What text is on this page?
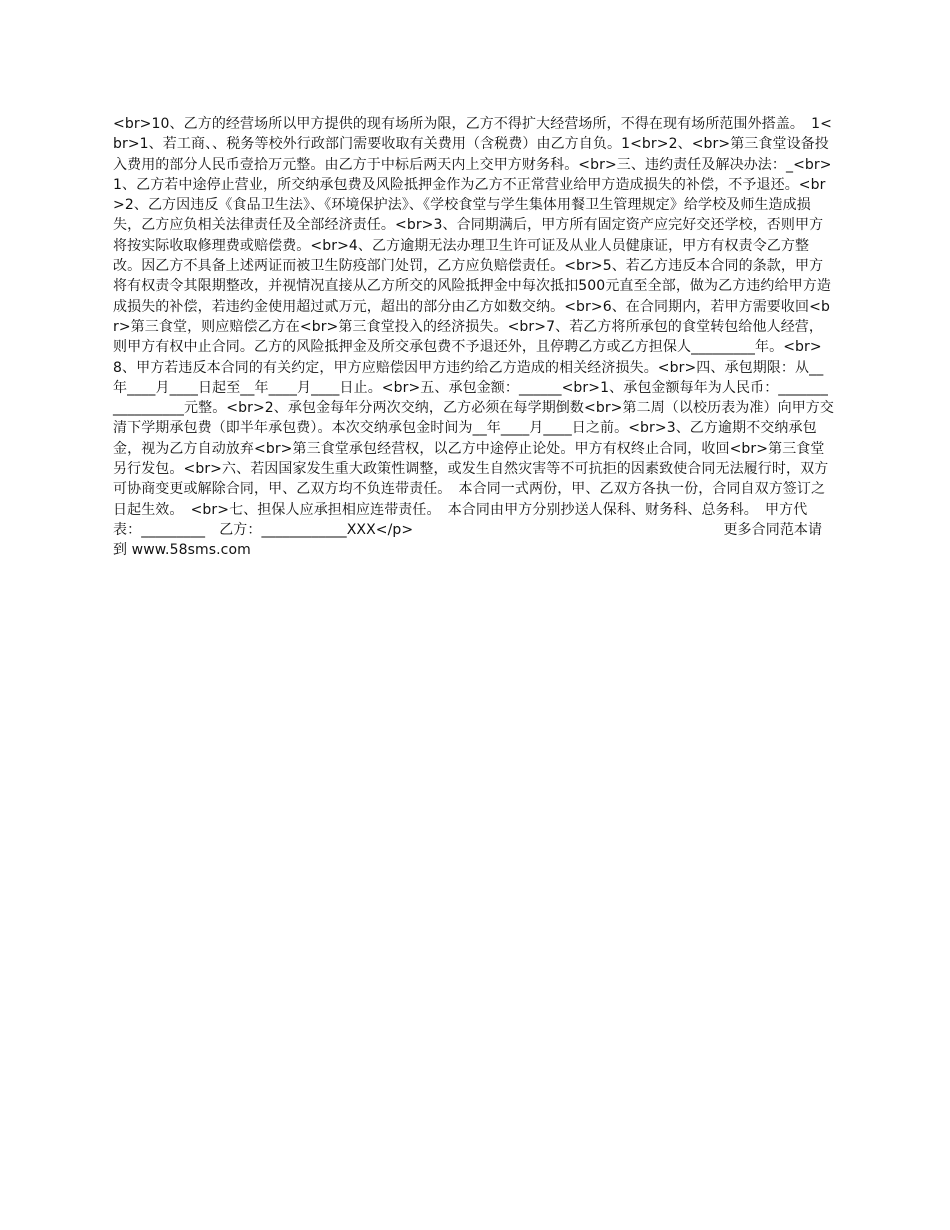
<br>10、乙方的经营场所以甲方提供的现有场所为限，乙方不得扩大经营场所，不得在现有场所范围外搭盖。　1<br>1、若工商、、税务等校外行政部门需要收取有关费用（含税费）由乙方自负。1<br>2、<br>第三食堂设备投入费用的部分人民币壹拾万元整。由乙方于中标后两天内上交甲方财务科。<br>三、违约责任及解决办法：_<br>1、乙方若中途停止营业，所交纳承包费及风险抵押金作为乙方不正常营业给甲方造成损失的补偿，不予退还。<br>2、乙方因违反《食品卫生法》、《环境保护法》、《学校食堂与学生集体用餐卫生管理规定》给学校及师生造成损失，乙方应负相关法律责任及全部经济责任。<br>3、合同期满后，甲方所有固定资产应完好交还学校，否则甲方将按实际收取修理费或赔偿费。<br>4、乙方逾期无法办理卫生许可证及从业人员健康证，甲方有权责令乙方整改。因乙方不具备上述两证而被卫生防疫部门处罚，乙方应负赔偿责任。<br>5、若乙方违反本合同的条款，甲方将有权责令其限期整改，并视情况直接从乙方所交的风险抵押金中每次抵扣500元直至全部，做为乙方违约给甲方造成损失的补偿，若违约金使用超过贰万元，超出的部分由乙方如数交纳。<br>6、在合同期内，若甲方需要收回<br>第三食堂，则应赔偿乙方在<br>第三食堂投入的经济损失。<br>7、若乙方将所承包的食堂转包给他人经营，则甲方有权中止合同。乙方的风险抵押金及所交承包费不予退还外，且停聘乙方或乙方担保人_________年。<br>8、甲方若违反本合同的有关约定，甲方应赔偿因甲方违约给乙方造成的相关经济损失。<br>四、承包期限：从__年____月____日起至__年____月____日止。<br>五、承包金额：______<br>1、承包金额每年为人民币：_________________元整。<br>2、承包金每年分两次交纳，乙方必须在每学期倒数<br>第二周（以校历表为准）向甲方交清下学期承包费（即半年承包费）。本次交纳承包金时间为__年____月____日之前。<br>3、乙方逾期不交纳承包金，视为乙方自动放弃<br>第三食堂承包经营权，以乙方中途停止论处。甲方有权终止合同，收回<br>第三食堂另行发包。<br>六、若因国家发生重大政策性调整，或发生自然灾害等不可抗拒的因素致使合同无法履行时，双方可协商变更或解除合同，甲、乙双方均不负连带责任。　本合同一式两份，甲、乙双方各执一份，合同自双方签订之日起生效。　<br>七、担保人应承担相应连带责任。　本合同由甲方分别抄送人保科、财务科、总务科。　甲方代表：_________　乙方：____________XXX</p>　　　　　　　　　　　　　　　　　　　　　　更多合同范本请到 www.58sms.com
